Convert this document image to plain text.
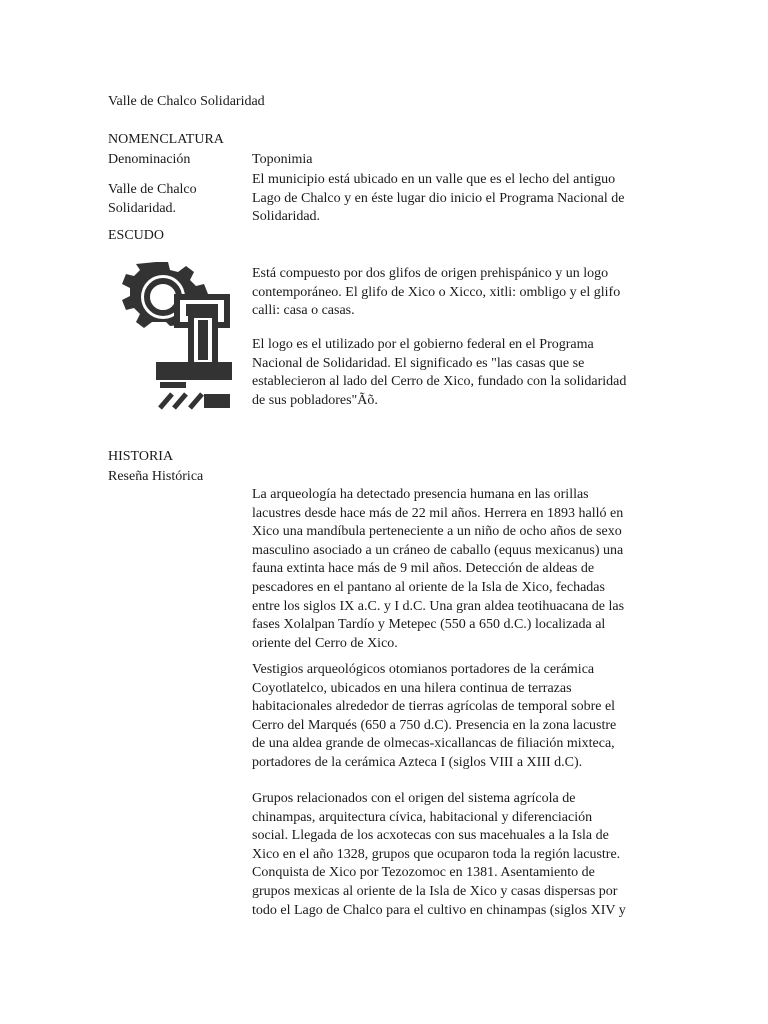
Valle de Chalco Solidaridad

NOMENCLATURA

Denominación	Toponimia

Valle de Chalco

Solidaridad.

El municipio está ubicado en un valle que es el lecho del antiguo

Lago de Chalco y en éste lugar dio inicio el Programa Nacional de

Solidaridad.

ESCUDO

Está compuesto por dos glifos de origen prehispánico y un logo

contemporáneo. El glifo de Xico o Xicco, xitli: ombligo y el glifo

calli: casa o casas.

El logo es el utilizado por el gobierno federal en el Programa

Nacional de Solidaridad. El significado es "las casas que se

establecieron al lado del Cerro de Xico, fundado con la solidaridad

de sus pobladores"Ãõ.

HISTORIA

Reseña Histórica

La arqueología ha detectado presencia humana en las orillas

lacustres desde hace más de 22 mil años. Herrera en 1893 halló en

Xico una mandíbula perteneciente a un niño de ocho años de sexo

masculino asociado a un cráneo de caballo (equus mexicanus) una

fauna extinta hace más de 9 mil años. Detección de aldeas de

pescadores en el pantano al oriente de la Isla de Xico, fechadas

entre los siglos IX a.C. y I d.C. Una gran aldea teotihuacana de las

fases Xolalpan Tardío y Metepec (550 a 650 d.C.) localizada al

oriente del Cerro de Xico.

Vestigios arqueológicos otomianos portadores de la cerámica

Coyotlatelco, ubicados en una hilera continua de terrazas

habitacionales alrededor de tierras agrícolas de temporal sobre el

Cerro del Marqués (650 a 750 d.C). Presencia en la zona lacustre

de una aldea grande de olmecas-xicallancas de filiación mixteca,

portadores de la cerámica Azteca I (siglos VIII a XIII d.C).

Grupos relacionados con el origen del sistema agrícola de

chinampas, arquitectura cívica, habitacional y diferenciación

social. Llegada de los acxotecas con sus macehuales a la Isla de

Xico en el año 1328, grupos que ocuparon toda la región lacustre.

Conquista de Xico por Tezozomoc en 1381. Asentamiento de

grupos mexicas al oriente de la Isla de Xico y casas dispersas por

todo el Lago de Chalco para el cultivo en chinampas (siglos XIV y
